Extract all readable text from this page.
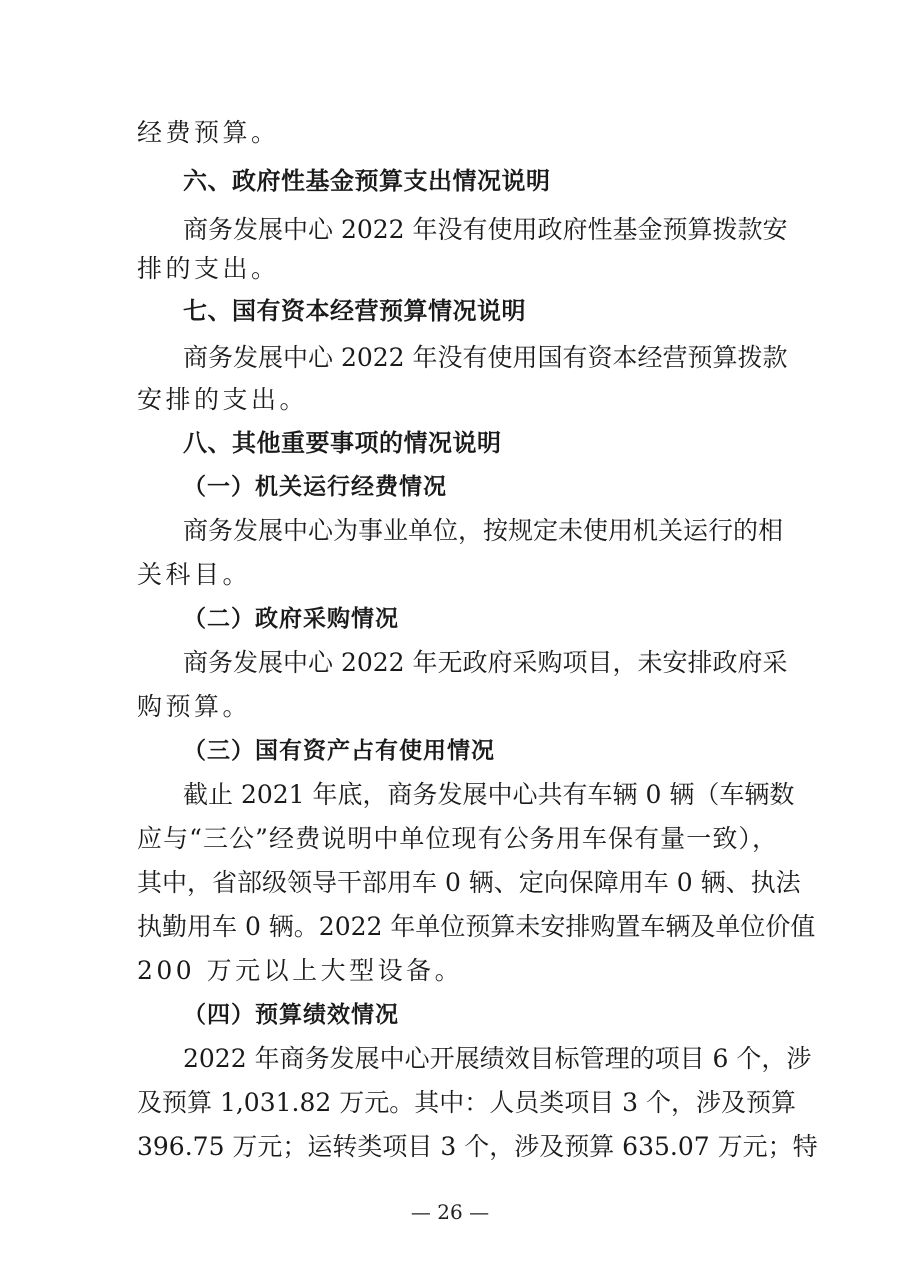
经费预算。
六、政府性基金预算支出情况说明
商务发展中心 2022 年没有使用政府性基金预算拨款安
排的支出。
七、国有资本经营预算情况说明
商务发展中心 2022 年没有使用国有资本经营预算拨款
安排的支出。
八、其他重要事项的情况说明
（一）机关运行经费情况
商务发展中心为事业单位，按规定未使用机关运行的相
关科目。
（二）政府采购情况
商务发展中心 2022 年无政府采购项目，未安排政府采
购预算。
（三）国有资产占有使用情况
截止 2021 年底，商务发展中心共有车辆 0 辆（车辆数
应与“三公”经费说明中单位现有公务用车保有量一致），
其中，省部级领导干部用车 0 辆、定向保障用车 0 辆、执法
执勤用车 0 辆。2022 年单位预算未安排购置车辆及单位价值
200 万元以上大型设备。
（四）预算绩效情况
2022 年商务发展中心开展绩效目标管理的项目 6 个，涉
及预算 1,031.82 万元。其中：人员类项目 3 个，涉及预算
396.75 万元；运转类项目 3 个，涉及预算 635.07 万元；特
— 26 —
